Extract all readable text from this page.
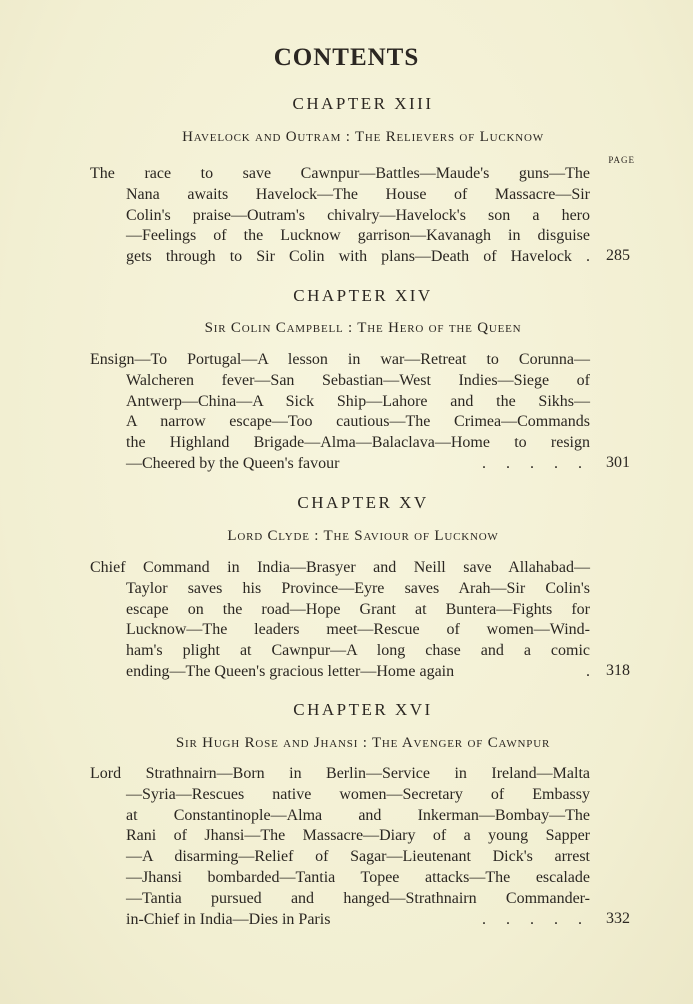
CONTENTS
CHAPTER XIII
Havelock and Outram : The Relievers of Lucknow
PAGE
The race to save Cawnpur—Battles—Maude's guns—The
Nana awaits Havelock—The House of Massacre—Sir
Colin's praise—Outram's chivalry—Havelock's son a hero
—Feelings of the Lucknow garrison—Kavanagh in disguise
gets through to Sir Colin with plans—Death of Havelock . 285
CHAPTER XIV
Sir Colin Campbell : The Hero of the Queen
Ensign—To Portugal—A lesson in war—Retreat to Corunna—
Walcheren fever—San Sebastian—West Indies—Siege of
Antwerp—China—A Sick Ship—Lahore and the Sikhs—
A narrow escape—Too cautious—The Crimea—Commands
the Highland Brigade—Alma—Balaclava—Home to resign
—Cheered by the Queen's favour	. . . . . 301
CHAPTER XV
Lord Clyde : The Saviour of Lucknow
Chief Command in India—Brasyer and Neill save Allahabad—
Taylor saves his Province—Eyre saves Arah—Sir Colin's
escape on the road—Hope Grant at Buntera—Fights for
Lucknow—The leaders meet—Rescue of women—Wind-
ham's plight at Cawnpur—A long chase and a comic
ending—The Queen's gracious letter—Home again	. 318
CHAPTER XVI
Sir Hugh Rose and Jhansi : The Avenger of Cawnpur
Lord Strathnairn—Born in Berlin—Service in Ireland—Malta
—Syria—Rescues native women—Secretary of Embassy
at Constantinople—Alma and Inkerman—Bombay—The
Rani of Jhansi—The Massacre—Diary of a young Sapper
—A disarming—Relief of Sagar—Lieutenant Dick's arrest
—Jhansi bombarded—Tantia Topee attacks—The escalade
—Tantia pursued and hanged—Strathnairn Commander-
in-Chief in India—Dies in Paris	. . . . . 332
